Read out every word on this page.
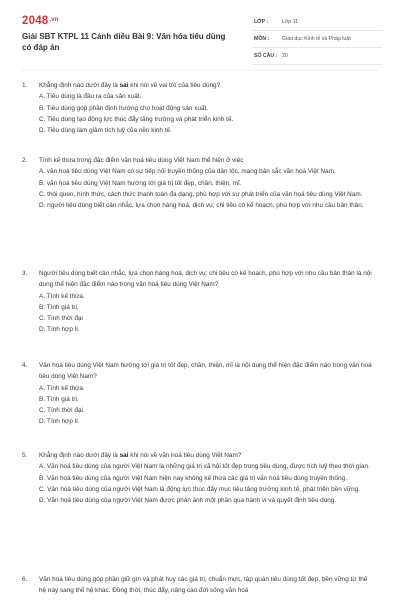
$2048^{.vn}$
Giải SBT KTPL 11 Cánh diều Bài 9: Văn hóa tiêu dùng có đáp án
LỚP :	Lớp 11
MÔN : Giáo dục Kinh tế và Pháp luật
SỐ CÂU : 20
1. Khẳng định nào dưới đây là sai khi nói về vai trò của tiêu dùng?
A. Tiêu dùng là đầu ra của sản xuất.
B. Tiêu dùng góp phần định hướng cho hoạt động sản xuất.
C. Tiêu dùng tạo động lực thúc đẩy tăng trưởng và phát triển kinh tế.
D. Tiêu dùng làm giảm tích luỹ của nền kinh tế.
2. Tính kế thừa trong đặc điểm văn hoá tiêu dùng Việt Nam thể hiện ở việc
A. văn hoá tiêu dùng Việt Nam có sự tiếp nối truyền thống của dân tộc, mang bản sắc văn hoá Việt Nam.
B. văn hoá tiêu dùng Việt Nam hướng tới giá trị tốt đẹp, chân, thiện, mĩ.
C. thói quen, hình thức, cách thức thanh toán đa dạng, phù hợp với sự phát triển của văn hoá tiêu dùng Việt Nam.
D. người tiêu dùng biết cân nhắc, lựa chọn hàng hoá, dịch vụ; chi tiêu có kế hoạch, phù hợp với nhu cầu bản thân.
3. Người tiêu dùng biết cân nhắc, lựa chọn hàng hoá, dịch vụ; chi tiêu có kế hoạch, phù hợp với nhu cầu bản thân là nội dung thể hiện đặc điểm nào trong văn hoá tiêu dùng Việt Nam?
A. Tính kế thừa.
B. Tính giá trị.
C. Tính thời đại
D. Tính hợp lí.
4. Văn hoá tiêu dùng Việt Nam hướng tới giá trị tốt đẹp, chân, thiện, mĩ là nội dung thể hiện đặc điểm nào trong văn hoá tiêu dùng Việt Nam?
A. Tính kế thừa.
B. Tính giá trị.
C. Tính thời đại.
D. Tính hợp lí.
5. Khẳng định nào dưới đây là sai khi nói về văn hoá tiêu dùng Việt Nam?
A. Văn hoá tiêu dùng của người Việt Nam là những giá trị xã hội tốt đẹp trong tiêu dùng, được tích luỹ theo thời gian.
B. Văn hoá tiêu dùng của người Việt Nam hiện nay không kế thừa các giá trị văn hoá tiêu dùng truyền thống.
C. Văn hoá tiêu dùng của người Việt Nam là động lực thúc đẩy mục tiêu tăng trưởng kinh tế, phát triển bền vững.
D. Văn hoá tiêu dùng của người Việt Nam được phản ánh một phần qua hành vi và quyết định tiêu dùng.
6. Văn hoá tiêu dùng góp phần giữ gìn và phát huy các giá trị, chuẩn mực, tập quán tiêu dùng tốt đẹp, bền vững từ thế hệ này sang thế hệ khác. Đồng thời, thúc đẩy, nâng cao đời sống văn hoá
